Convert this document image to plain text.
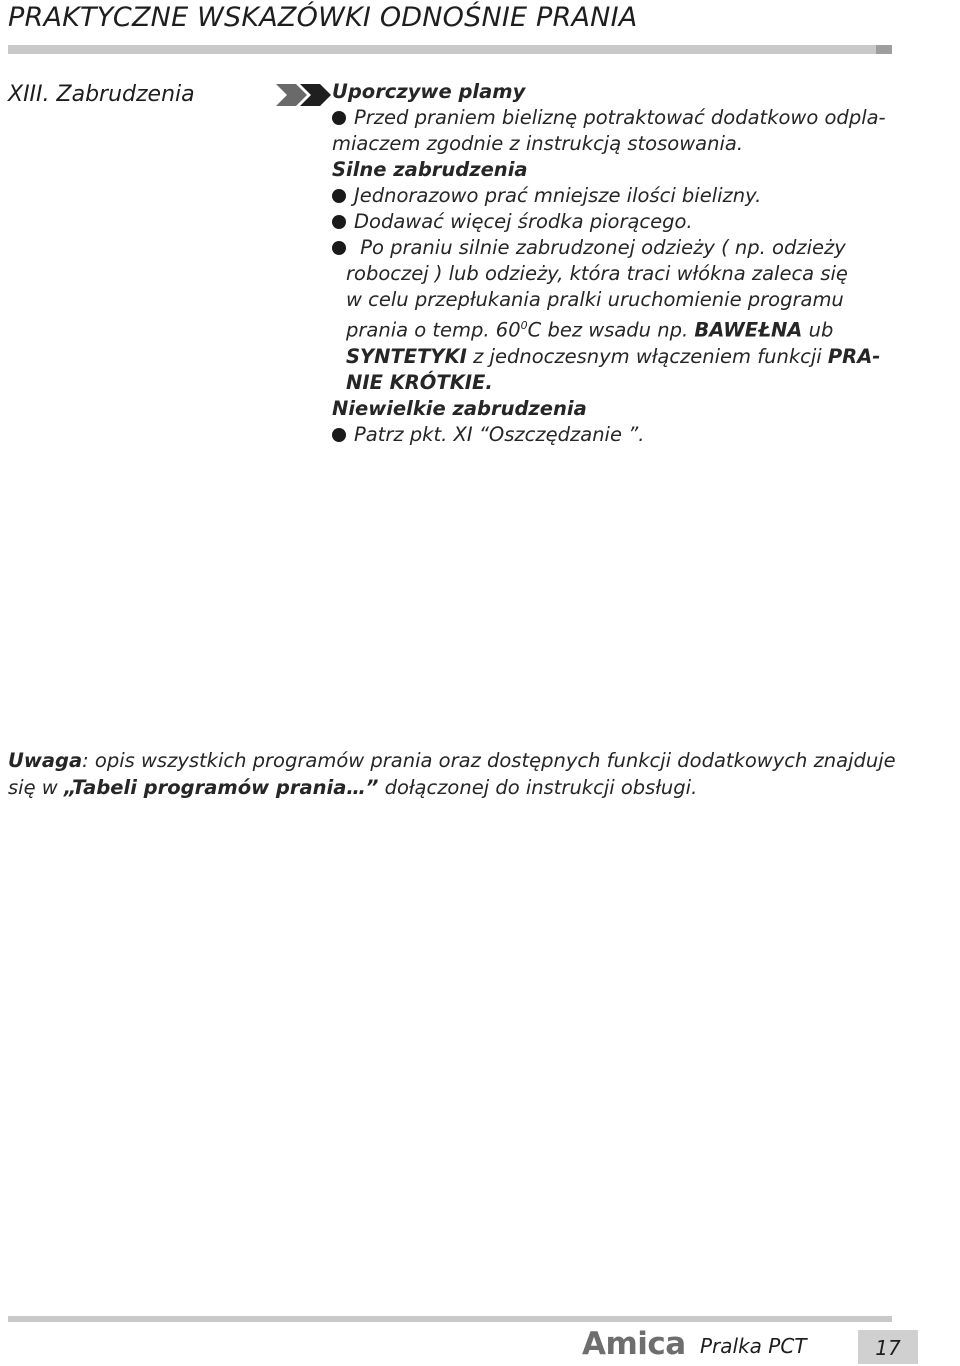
PRAKTYCZNE WSKAZÓWKI ODNOŚNIE PRANIA
XIII. Zabrudzenia	Uporczywe plamy
Przed praniem bieliznę potraktować dodatkowo odpla-
miaczem zgodnie z instrukcją stosowania.
Silne zabrudzenia
Jednorazowo prać mniejsze ilości bielizny.
Dodawać więcej środka piorącego.
Po praniu silnie zabrudzonej odzieży ( np. odzieży
roboczej ) lub odzieży, która traci włókna zaleca się
w celu przepłukania pralki uruchomienie programu
prania o temp. $60^0C$ bez wsadu np. BAWEŁNA ub
SYNTETYKI z jednoczesnym włączeniem funkcji PRA-
NIE KRÓTKIE.
Niewielkie zabrudzenia
Patrz pkt. XI “Oszczędzanie ”.
Uwaga: opis wszystkich programów prania oraz dostępnych funkcji dodatkowych znajduje
się w „Tabeli programów prania…” dołączonej do instrukcji obsługi.
Amica Pralka PCT	17
